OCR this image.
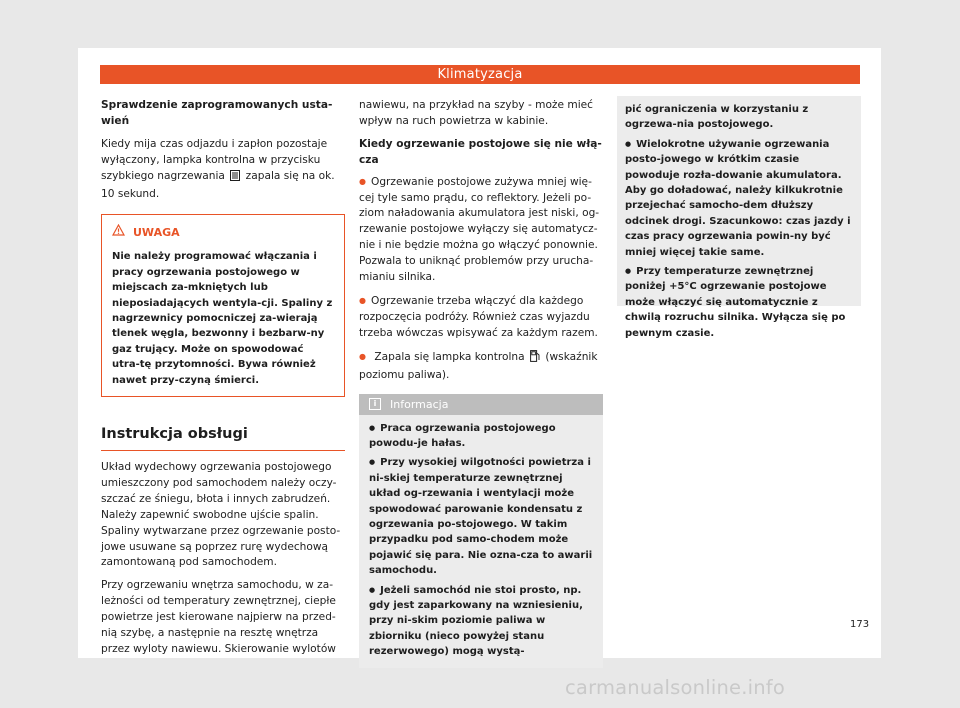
Klimatyzacja

Sprawdzenie zaprogramowanych usta-wień

Kiedy mija czas odjazdu i zapłon pozostaje wyłączony, lampka kontrolna w przycisku szybkiego nagrzewania zapala się na ok. 10 sekund.

UWAGA
Nie należy programować włączania i pracy ogrzewania postojowego w miejscach za-mkniętych lub nieposiadających wentyla-cji. Spaliny z nagrzewnicy pomocniczej za-wierają tlenek węgla, bezwonny i bezbarw-ny gaz trujący. Może on spowodować utra-tę przytomności. Bywa również nawet przy-czyną śmierci.
Instrukcja obsługi

Układ wydechowy ogrzewania postojowego umieszczony pod samochodem należy oczy-szczać ze śniegu, błota i innych zabrudzeń. Należy zapewnić swobodne ujście spalin. Spaliny wytwarzane przez ogrzewanie posto-jowe usuwane są poprzez rurę wydechową zamontowaną pod samochodem.

Przy ogrzewaniu wnętrza samochodu, w za-leżności od temperatury zewnętrznej, ciepłe powietrze jest kierowane najpierw na przed-nią szybę, a następnie na resztę wnętrza przez wyloty nawiewu. Skierowanie wylotów

nawiewu, na przykład na szyby - może mieć wpływ na ruch powietrza w kabinie.

Kiedy ogrzewanie postojowe się nie włą-cza

● Ogrzewanie postojowe zużywa mniej wię-cej tyle samo prądu, co reflektory. Jeżeli po-ziom naładowania akumulatora jest niski, og-rzewanie postojowe wyłączy się automatycz-nie i nie będzie można go włączyć ponownie. Pozwala to uniknąć problemów przy urucha-mianiu silnika.

● Ogrzewanie trzeba włączyć dla każdego rozpoczęcia podróży. Również czas wyjazdu trzeba wówczas wpisywać za każdym razem.

● Zapala się lampka kontrolna (wskaźnik poziomu paliwa).

i	Informacja

● Praca ogrzewania postojowego powodu-je hałas.

● Przy wysokiej wilgotności powietrza i ni-skiej temperaturze zewnętrznej układ og-rzewania i wentylacji może spowodować parowanie kondensatu z ogrzewania po-stojowego. W takim przypadku pod samo-chodem może pojawić się para. Nie ozna-cza to awarii samochodu.

● Jeżeli samochód nie stoi prosto, np. gdy jest zaparkowany na wzniesieniu, przy ni-skim poziomie paliwa w zbiorniku (nieco powyżej stanu rezerwowego) mogą wystą-

pić ograniczenia w korzystaniu z ogrzewa-nia postojowego.

● Wielokrotne używanie ogrzewania posto-jowego w krótkim czasie powoduje rozła-dowanie akumulatora. Aby go doładować, należy kilkukrotnie przejechać samocho-dem dłuższy odcinek drogi. Szacunkowo: czas jazdy i czas pracy ogrzewania powin-ny być mniej więcej takie same.

● Przy temperaturze zewnętrznej poniżej +5°C ogrzewanie postojowe może włączyć się automatycznie z chwilą rozruchu silnika. Wyłącza się po pewnym czasie.

173
carmanualsonline.info
